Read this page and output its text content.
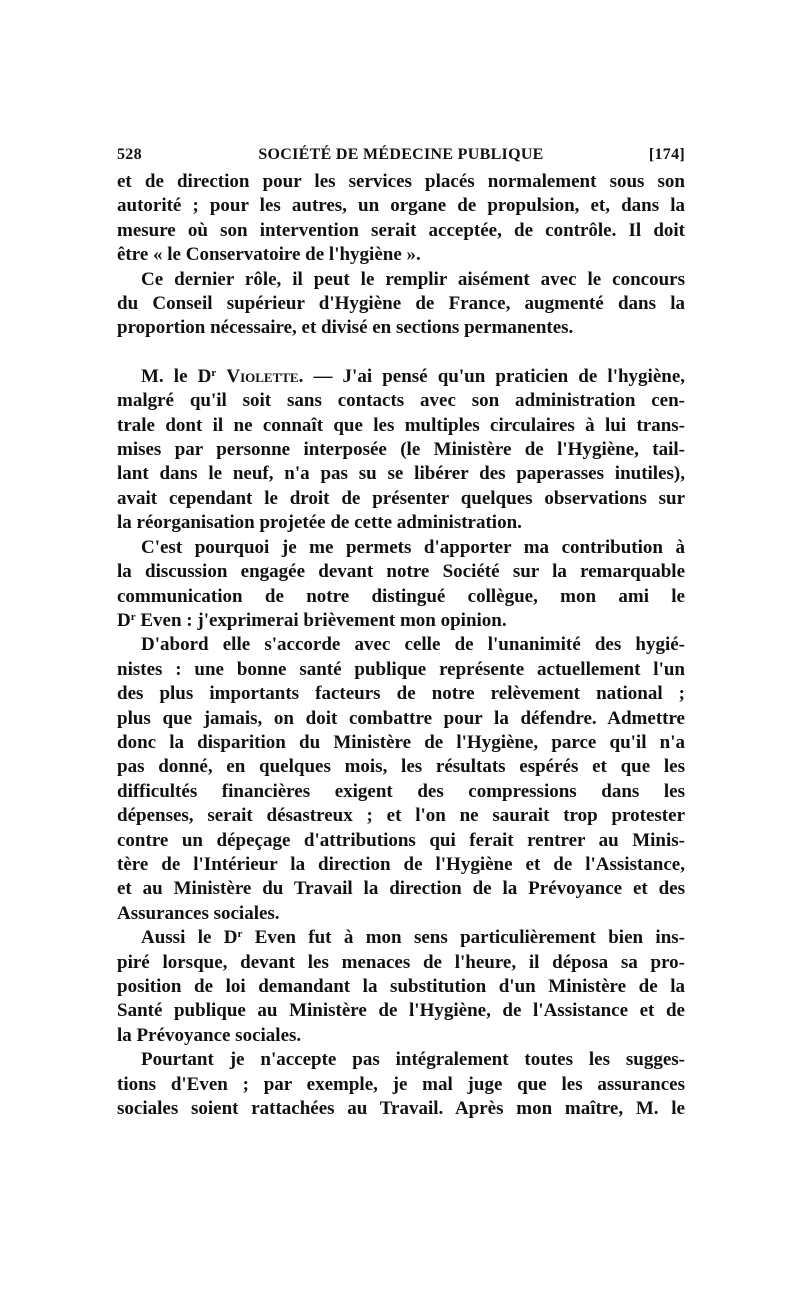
528	SOCIÉTÉ DE MÉDECINE PUBLIQUE	[174]

et de direction pour les services placés normalement sous son
autorité ; pour les autres, un organe de propulsion, et, dans la
mesure où son intervention serait acceptée, de contrôle. Il doit
être « le Conservatoire de l'hygiène ».

Ce dernier rôle, il peut le remplir aisément avec le concours
du Conseil supérieur d'Hygiène de France, augmenté dans la
proportion nécessaire, et divisé en sections permanentes.

M. le $D^r$ Violette. — J'ai pensé qu'un praticien de l'hygiène,
malgré qu'il soit sans contacts avec son administration cen-
trale dont il ne connaît que les multiples circulaires à lui trans-
mises par personne interposée (le Ministère de l'Hygiène, tail-
lant dans le neuf, n'a pas su se libérer des paperasses inutiles),
avait cependant le droit de présenter quelques observations sur
la réorganisation projetée de cette administration.

C'est pourquoi je me permets d'apporter ma contribution à
la discussion engagée devant notre Société sur la remarquable
communication de notre distingué collègue, mon ami le
$D^r$ Even : j'exprimerai brièvement mon opinion.

D'abord elle s'accorde avec celle de l'unanimité des hygié-
nistes : une bonne santé publique représente actuellement l'un
des plus importants facteurs de notre relèvement national ;
plus que jamais, on doit combattre pour la défendre. Admettre
donc la disparition du Ministère de l'Hygiène, parce qu'il n'a
pas donné, en quelques mois, les résultats espérés et que les
difficultés financières exigent des compressions dans les
dépenses, serait désastreux ; et l'on ne saurait trop protester
contre un dépeçage d'attributions qui ferait rentrer au Minis-
tère de l'Intérieur la direction de l'Hygiène et de l'Assistance,
et au Ministère du Travail la direction de la Prévoyance et des
Assurances sociales.

Aussi le $D^r$ Even fut à mon sens particulièrement bien ins-
piré lorsque, devant les menaces de l'heure, il déposa sa pro-
position de loi demandant la substitution d'un Ministère de la
Santé publique au Ministère de l'Hygiène, de l'Assistance et de
la Prévoyance sociales.

Pourtant je n'accepte pas intégralement toutes les sugges-
tions d'Even ; par exemple, je mal juge que les assurances
sociales soient rattachées au Travail. Après mon maître, M. le
